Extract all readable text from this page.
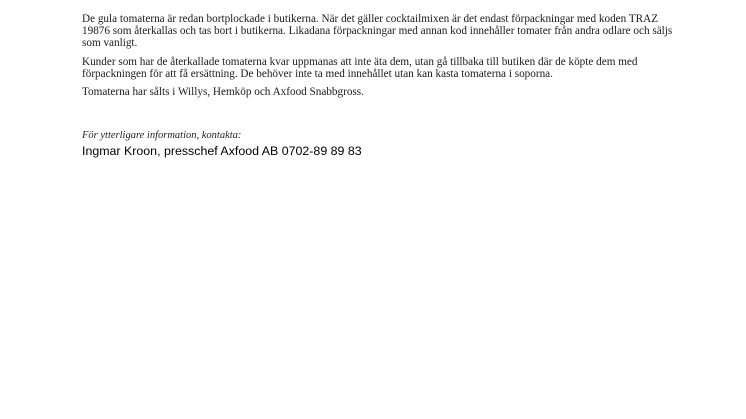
De gula tomaterna är redan bortplockade i butikerna. När det gäller cocktailmixen är det endast förpackningar med koden TRAZ 19876 som återkallas och tas bort i butikerna. Likadana förpackningar med annan kod innehåller tomater från andra odlare och säljs som vanligt.

Kunder som har de återkallade tomaterna kvar uppmanas att inte äta dem, utan gå tillbaka till butiken där de köpte dem med förpackningen för att få ersättning. De behöver inte ta med innehållet utan kan kasta tomaterna i soporna.

Tomaterna har sålts i Willys, Hemköp och Axfood Snabbgross.

För ytterligare information, kontakta:

Ingmar Kroon, presschef Axfood AB 0702-89 89 83
